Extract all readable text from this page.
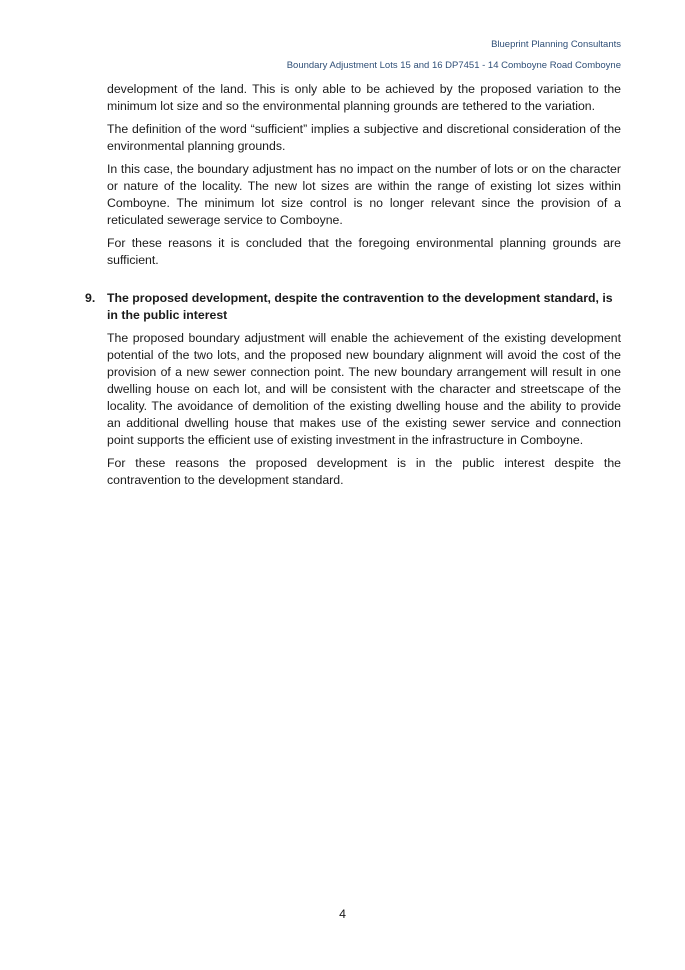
Blueprint Planning Consultants
Boundary Adjustment Lots 15 and 16 DP7451 - 14 Comboyne Road Comboyne

development of the land. This is only able to be achieved by the proposed variation to the minimum lot size and so the environmental planning grounds are tethered to the variation.

The definition of the word “sufficient” implies a subjective and discretional consideration of the environmental planning grounds.

In this case, the boundary adjustment has no impact on the number of lots or on the character or nature of the locality. The new lot sizes are within the range of existing lot sizes within Comboyne. The minimum lot size control is no longer relevant since the provision of a reticulated sewerage service to Comboyne.

For these reasons it is concluded that the foregoing environmental planning grounds are sufficient.

9. The proposed development, despite the contravention to the development standard, is in the public interest

The proposed boundary adjustment will enable the achievement of the existing development potential of the two lots, and the proposed new boundary alignment will avoid the cost of the provision of a new sewer connection point. The new boundary arrangement will result in one dwelling house on each lot, and will be consistent with the character and streetscape of the locality. The avoidance of demolition of the existing dwelling house and the ability to provide an additional dwelling house that makes use of the existing sewer service and connection point supports the efficient use of existing investment in the infrastructure in Comboyne.

For these reasons the proposed development is in the public interest despite the contravention to the development standard.

4
